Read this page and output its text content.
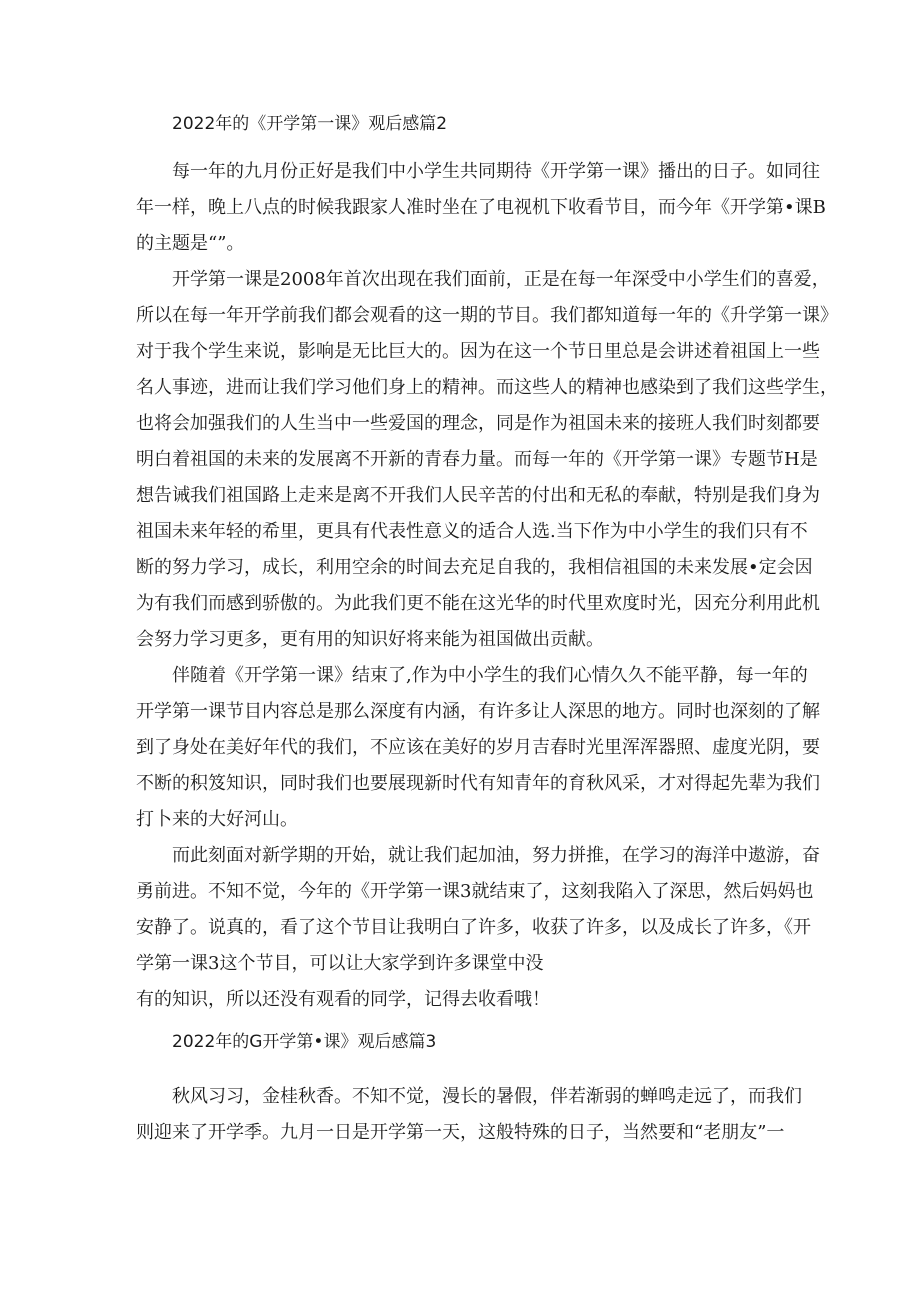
2022年的《开学第一课》观后感篇2
每一年的九月份正好是我们中小学生共同期待《开学第一课》播出的日子。如同往
年一样，晚上八点的时候我跟家人准时坐在了电视机下收看节目，而今年《开学第•课B
的主题是“”。
开学第一课是2008年首次出现在我们面前，正是在每一年深受中小学生们的喜爱，
所以在每一年开学前我们都会观看的这一期的节目。我们都知道每一年的《升学第一课》
对于我个学生来说，影响是无比巨大的。因为在这一个节日里总是会讲述着祖国上一些
名人事迹，进而让我们学习他们身上的精神。而这些人的精神也感染到了我们这些学生，
也将会加强我们的人生当中一些爱国的理念，同是作为祖国未来的接班人我们时刻都要
明白着祖国的未来的发展离不开新的青春力量。而每一年的《开学第一课》专题节H是
想告诫我们祖国路上走来是离不开我们人民辛苦的付出和无私的奉献，特别是我们身为
祖国未来年轻的希里，更具有代表性意义的适合人选.当下作为中小学生的我们只有不
断的努力学习，成长，利用空余的时间去充足自我的，我相信祖国的未来发展•定会因
为有我们而感到骄傲的。为此我们更不能在这光华的时代里欢度时光，因充分利用此机
会努力学习更多，更有用的知识好将来能为祖国做出贡献。
伴随着《开学第一课》结束了,作为中小学生的我们心情久久不能平静，每一年的
开学第一课节目内容总是那么深度有内涵，有许多让人深思的地方。同时也深刻的了解
到了身处在美好年代的我们，不应该在美好的岁月吉春时光里浑浑器照、虚度光阴，要
不断的积笈知识，同时我们也要展现新时代有知青年的育秋风采，才对得起先辈为我们
打卜来的大好河山。
而此刻面对新学期的开始，就让我们起加油，努力拼推，在学习的海洋中遨游，奋
勇前进。不知不觉，今年的《开学第一课3就结束了，这刻我陷入了深思，然后妈妈也
安静了。说真的，看了这个节目让我明白了许多，收获了许多，以及成长了许多，《开
学第一课3这个节目，可以让大家学到许多课堂中没
有的知识，所以还没有观看的同学，记得去收看哦！
2022年的G开学第•课》观后感篇3
秋风习习，金桂秋香。不知不觉，漫长的暑假，伴若渐弱的蝉鸣走远了，而我们
则迎来了开学季。九月一日是开学第一天，这般特殊的日子，当然要和“老朋友”一
